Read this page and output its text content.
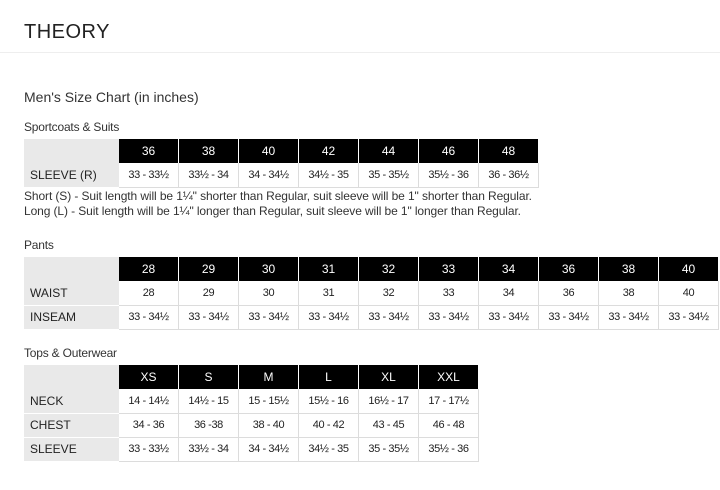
THEORY
Men's Size Chart (in inches)
Sportcoats & Suits
	36	38	40	42	44	46	48
SLEEVE (R)	33 - 33½	33½ - 34	34 - 34½	34½ - 35	35 - 35½	35½ - 36	36 - 36½
Short (S) - Suit length will be 1¼" shorter than Regular, suit sleeve will be 1" shorter than Regular.
Long (L) - Suit length will be 1¼" longer than Regular, suit sleeve will be 1" longer than Regular.
Pants
	28	29	30	31	32	33	34	36	38	40
WAIST	28	29	30	31	32	33	34	36	38	40
INSEAM	33 - 34½	33 - 34½	33 - 34½	33 - 34½	33 - 34½	33 - 34½	33 - 34½	33 - 34½	33 - 34½	33 - 34½
Tops & Outerwear
	XS	S	M	L	XL	XXL
NECK	14 - 14½	14½ - 15	15 - 15½	15½ - 16	16½ - 17	17 - 17½
CHEST	34 - 36	36 -38	38 - 40	40 - 42	43 - 45	46 - 48
SLEEVE	33 - 33½	33½ - 34	34 - 34½	34½ - 35	35 - 35½	35½ - 36
